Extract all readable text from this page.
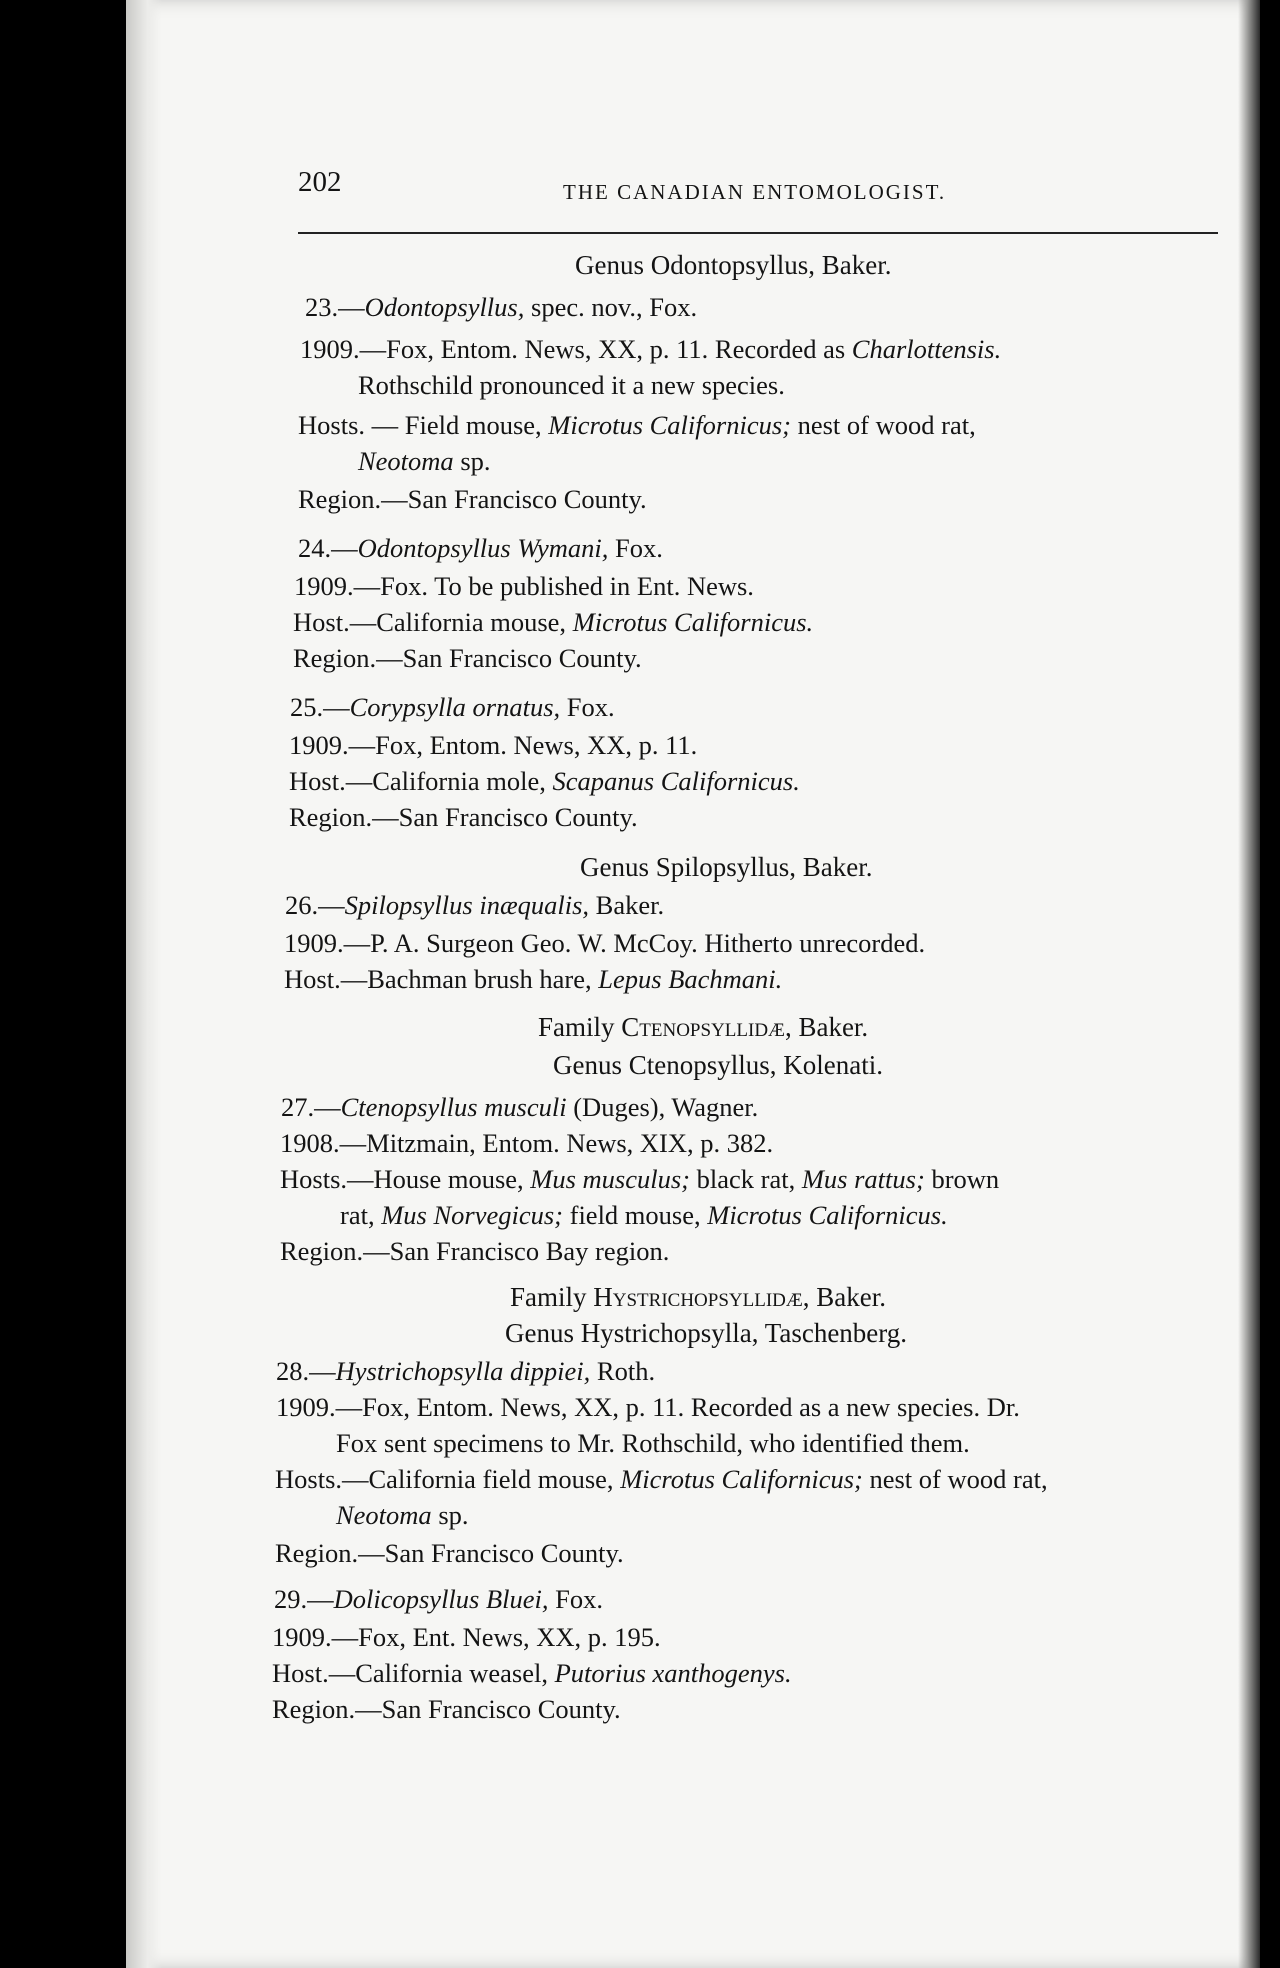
202	THE CANADIAN ENTOMOLOGIST.
Genus Odontopsyllus, Baker.
23.—Odontopsyllus, spec. nov., Fox.
1909.—Fox, Entom. News, XX, p. 11. Recorded as Charlottensis.
Rothschild pronounced it a new species.
Hosts. — Field mouse, Microtus Californicus; nest of wood rat,
Neotoma sp.
Region.—San Francisco County.
24.—Odontopsyllus Wymani, Fox.
1909.—Fox. To be published in Ent. News.
Host.—California mouse, Microtus Californicus.
Region.—San Francisco County.
25.—Corypsylla ornatus, Fox.
1909.—Fox, Entom. News, XX, p. 11.
Host.—California mole, Scapanus Californicus.
Region.—San Francisco County.
Genus Spilopsyllus, Baker.
26.—Spilopsyllus inæqualis, Baker.
1909.—P. A. Surgeon Geo. W. McCoy. Hitherto unrecorded.
Host.—Bachman brush hare, Lepus Bachmani.
Family Ctenopsyllidæ, Baker.
Genus Ctenopsyllus, Kolenati.
27.—Ctenopsyllus musculi (Duges), Wagner.
1908.—Mitzmain, Entom. News, XIX, p. 382.
Hosts.—House mouse, Mus musculus; black rat, Mus rattus; brown
rat, Mus Norvegicus; field mouse, Microtus Californicus.
Region.—San Francisco Bay region.
Family Hystrichopsyllidæ, Baker.
Genus Hystrichopsylla, Taschenberg.
28.—Hystrichopsylla dippiei, Roth.
1909.—Fox, Entom. News, XX, p. 11. Recorded as a new species. Dr.
Fox sent specimens to Mr. Rothschild, who identified them.
Hosts.—California field mouse, Microtus Californicus; nest of wood rat,
Neotoma sp.
Region.—San Francisco County.
29.—Dolicopsyllus Bluei, Fox.
1909.—Fox, Ent. News, XX, p. 195.
Host.—California weasel, Putorius xanthogenys.
Region.—San Francisco County.
